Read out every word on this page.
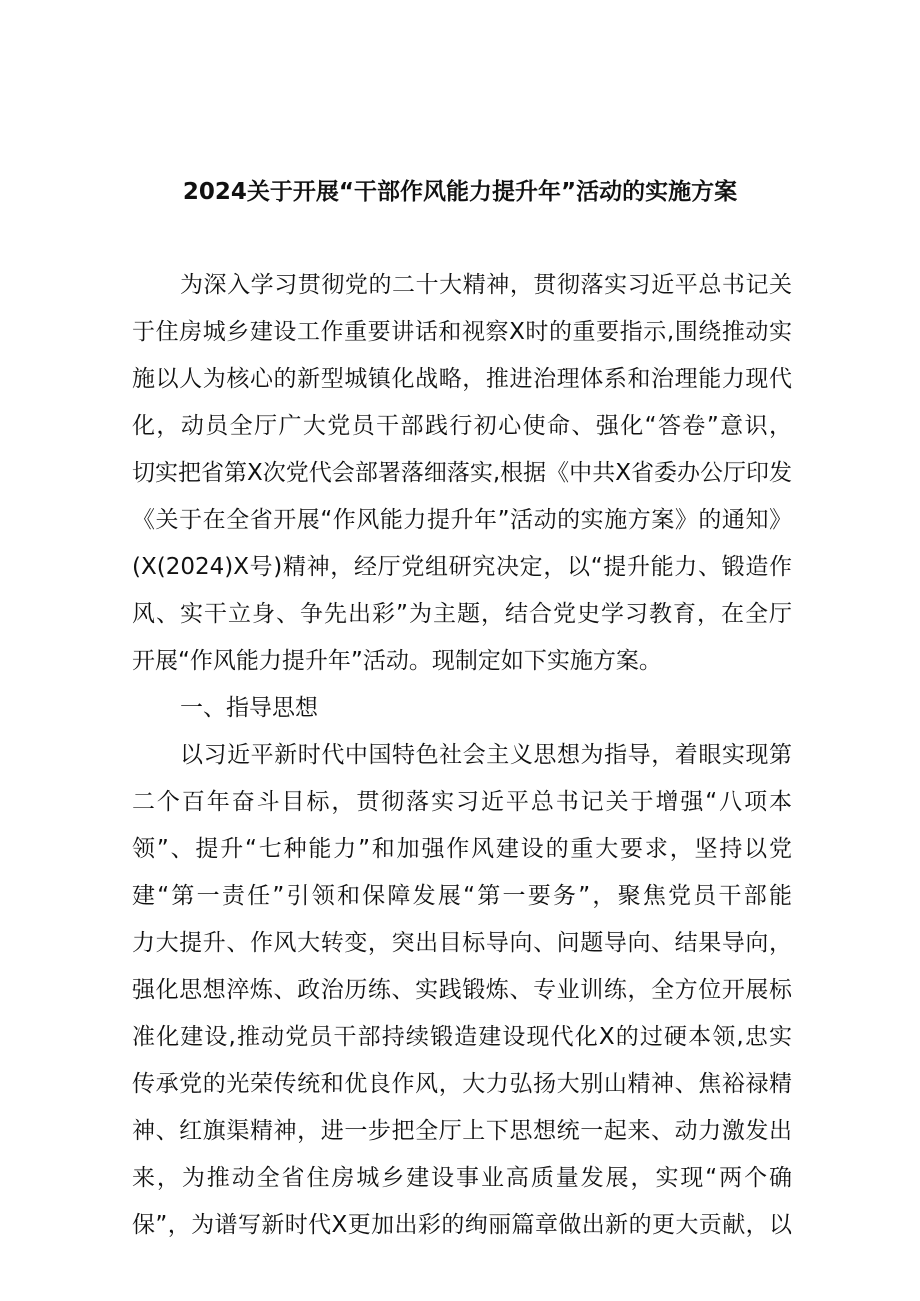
2024关于开展“干部作风能力提升年”活动的实施方案
为深入学习贯彻党的二十大精神，贯彻落实习近平总书记关
于住房城乡建设工作重要讲话和视察X时的重要指示,围绕推动实
施以人为核心的新型城镇化战略，推进治理体系和治理能力现代
化，动员全厅广大党员干部践行初心使命、强化“答卷”意识，
切实把省第X次党代会部署落细落实,根据《中共X省委办公厅印发
《关于在全省开展“作风能力提升年”活动的实施方案》的通知》
(X(2024)X号)精神，经厅党组研究决定，以“提升能力、锻造作
风、实干立身、争先出彩”为主题，结合党史学习教育，在全厅
开展“作风能力提升年”活动。现制定如下实施方案。
一、指导思想
以习近平新时代中国特色社会主义思想为指导，着眼实现第
二个百年奋斗目标，贯彻落实习近平总书记关于增强“八项本
领”、提升“七种能力”和加强作风建设的重大要求，坚持以党
建“第一责任”引领和保障发展“第一要务”，聚焦党员干部能
力大提升、作风大转变，突出目标导向、问题导向、结果导向，
强化思想淬炼、政治历练、实践锻炼、专业训练，全方位开展标
准化建设,推动党员干部持续锻造建设现代化X的过硬本领,忠实
传承党的光荣传统和优良作风，大力弘扬大别山精神、焦裕禄精
神、红旗渠精神，进一步把全厅上下思想统一起来、动力激发出
来，为推动全省住房城乡建设事业高质量发展，实现“两个确
保”，为谱写新时代X更加出彩的绚丽篇章做出新的更大贡献，以
